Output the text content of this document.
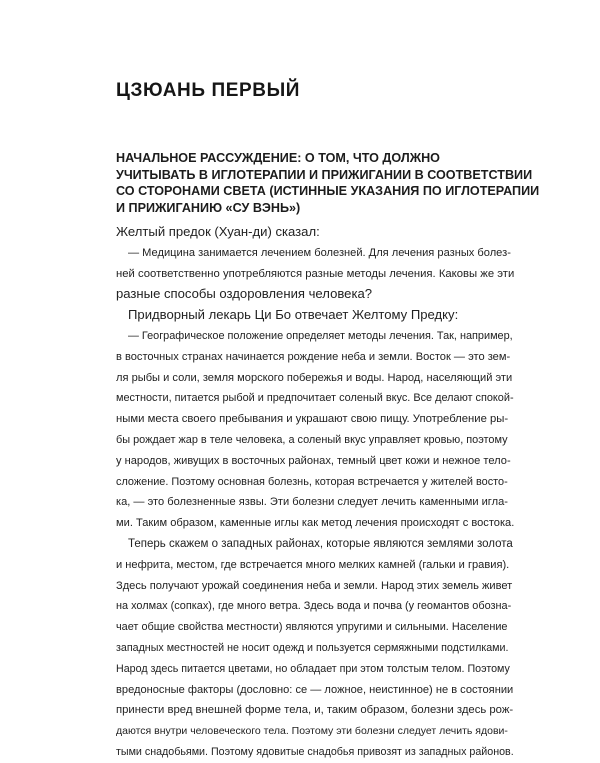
ЦЗЮАНЬ ПЕРВЫЙ
НАЧАЛЬНОЕ РАССУЖДЕНИЕ: О ТОМ, ЧТО ДОЛЖНО
УЧИТЫВАТЬ В ИГЛОТЕРАПИИ И ПРИЖИГАНИИ В СООТВЕТСТВИИ
СО СТОРОНАМИ СВЕТА (ИСТИННЫЕ УКАЗАНИЯ ПО ИГЛОТЕРАПИИ
И ПРИЖИГАНИЮ «СУ ВЭНЬ»)
Желтый предок (Хуан-ди) сказал:
— Медицина занимается лечением болезней. Для лечения разных болез-
ней соответственно употребляются разные методы лечения. Каковы же эти
разные способы оздоровления человека?
Придворный лекарь Ци Бо отвечает Желтому Предку:
— Географическое положение определяет методы лечения. Так, например,
в восточных странах начинается рождение неба и земли. Восток — это зем-
ля рыбы и соли, земля морского побережья и воды. Народ, населяющий эти
местности, питается рыбой и предпочитает соленый вкус. Все делают спокой-
ными места своего пребывания и украшают свою пищу. Употребление ры-
бы рождает жар в теле человека, а соленый вкус управляет кровью, поэтому
у народов, живущих в восточных районах, темный цвет кожи и нежное тело-
сложение. Поэтому основная болезнь, которая встречается у жителей восто-
ка, — это болезненные язвы. Эти болезни следует лечить каменными игла-
ми. Таким образом, каменные иглы как метод лечения происходят с востока.
Теперь скажем о западных районах, которые являются землями золота
и нефрита, местом, где встречается много мелких камней (гальки и гравия).
Здесь получают урожай соединения неба и земли. Народ этих земель живет
на холмах (сопках), где много ветра. Здесь вода и почва (у геомантов обозна-
чает общие свойства местности) являются упругими и сильными. Население
западных местностей не носит одежд и пользуется сермяжными подстилками.
Народ здесь питается цветами, но обладает при этом толстым телом. Поэтому
вредоносные факторы (дословно: се — ложное, неистинное) не в состоянии
принести вред внешней форме тела, и, таким образом, болезни здесь рож-
даются внутри человеческого тела. Поэтому эти болезни следует лечить ядови-
тыми снадобьями. Поэтому ядовитые снадобья привозят из западных районов.
